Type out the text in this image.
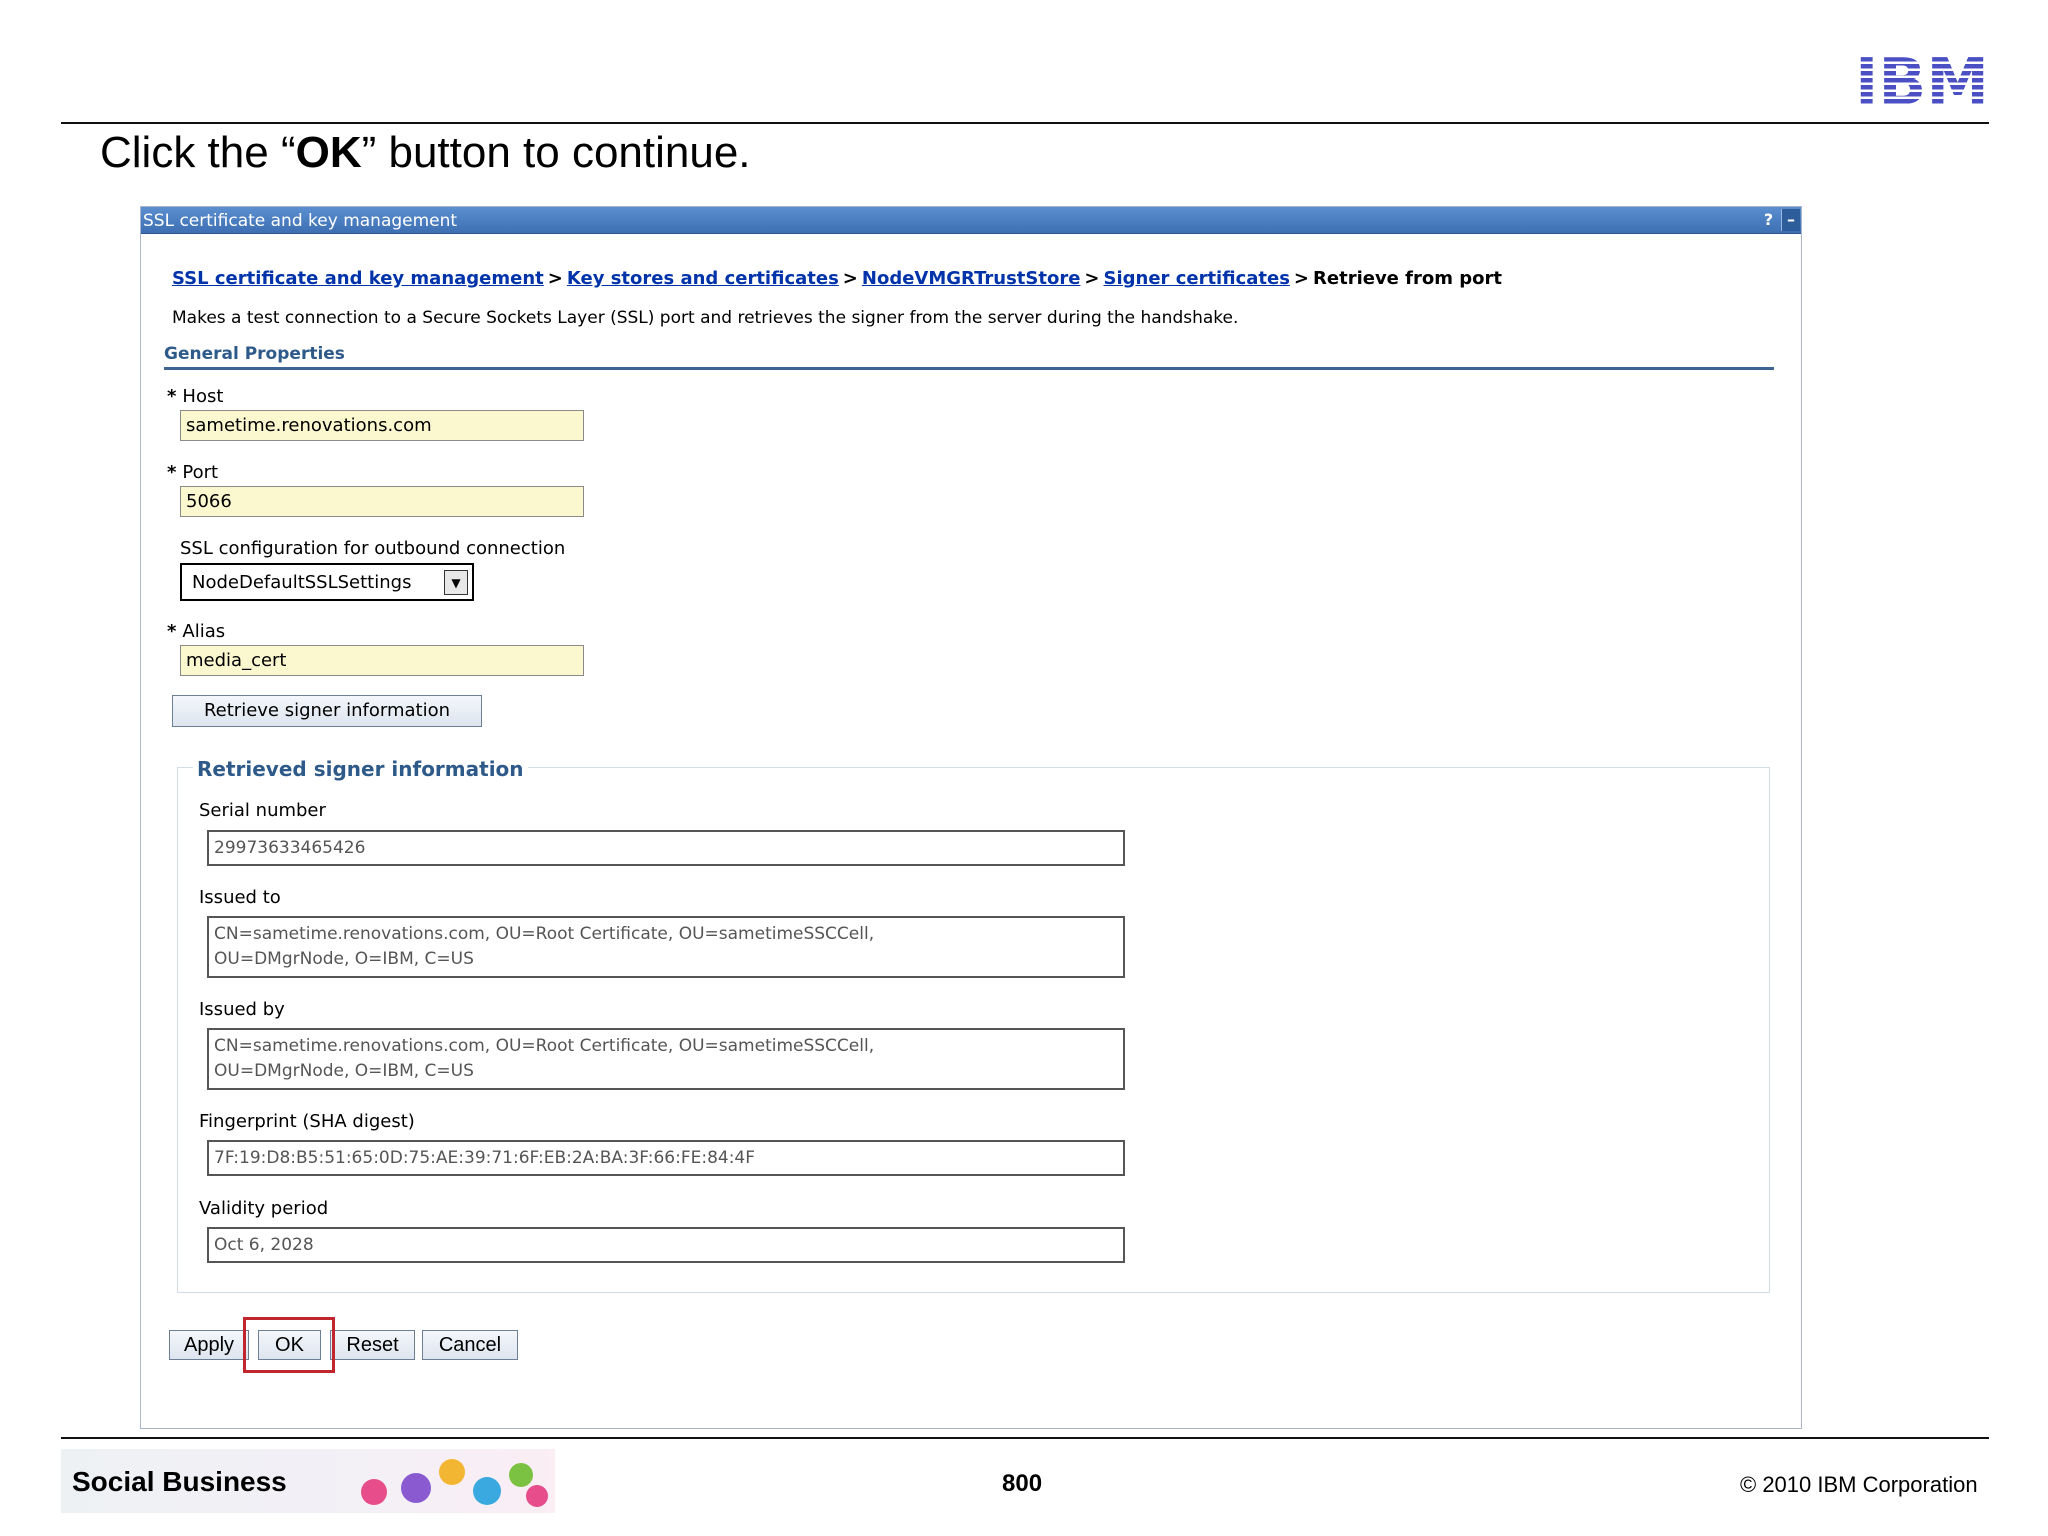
IBM
Click the “OK” button to continue.
SSL certificate and key management	? –
SSL certificate and key management > Key stores and certificates > NodeVMGRTrustStore > Signer certificates > Retrieve from port
Makes a test connection to a Secure Sockets Layer (SSL) port and retrieves the signer from the server during the handshake.
General Properties
* Host
sametime.renovations.com
* Port
5066
SSL configuration for outbound connection
NodeDefaultSSLSettings	▼
* Alias
media_cert
Retrieve signer information
Retrieved signer information
Serial number
29973633465426
Issued to
CN=sametime.renovations.com, OU=Root Certificate, OU=sametimeSSCCell,
OU=DMgrNode, O=IBM, C=US
Issued by
CN=sametime.renovations.com, OU=Root Certificate, OU=sametimeSSCCell,
OU=DMgrNode, O=IBM, C=US
Fingerprint (SHA digest)
7F:19:D8:B5:51:65:0D:75:AE:39:71:6F:EB:2A:BA:3F:66:FE:84:4F
Validity period
Oct 6, 2028
Apply	OK	Reset	Cancel
Social Business	800	© 2010 IBM Corporation
